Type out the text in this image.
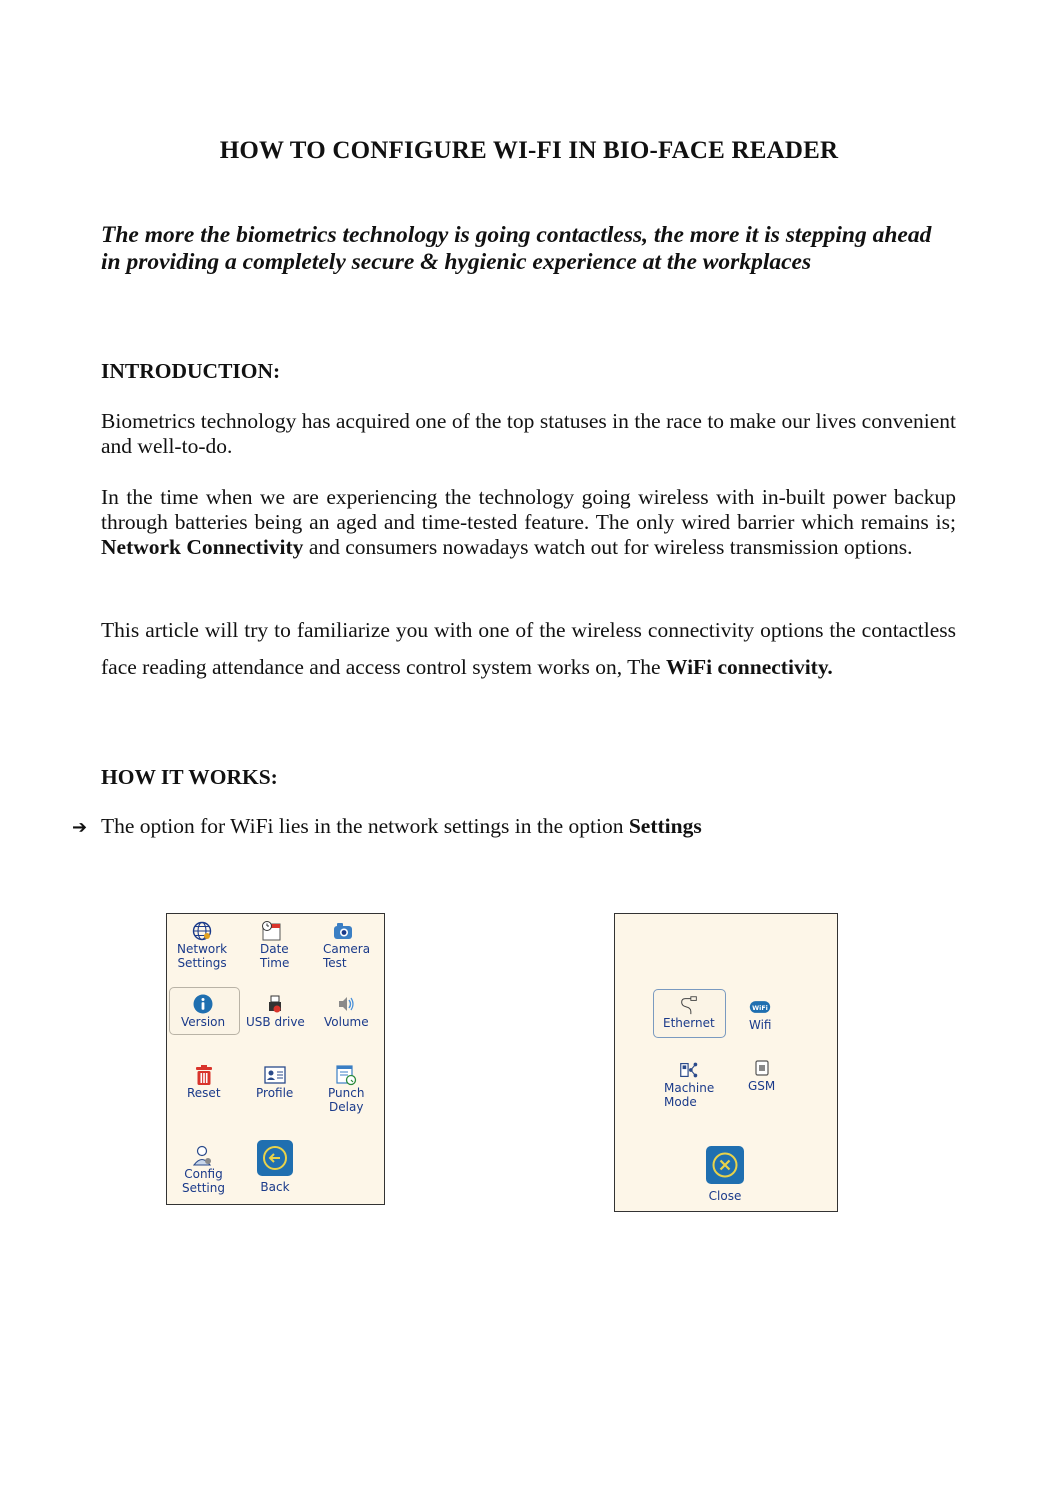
HOW TO CONFIGURE WI-FI IN BIO-FACE READER
The more the biometrics technology is going contactless, the more it is stepping ahead in providing a completely secure & hygienic experience at the workplaces
INTRODUCTION:
Biometrics technology has acquired one of the top statuses in the race to make our lives convenient and well-to-do.
In the time when we are experiencing the technology going wireless with in-built power backup through batteries being an aged and time-tested feature. The only wired barrier which remains is; Network Connectivity and consumers nowadays watch out for wireless transmission options.
This article will try to familiarize you with one of the wireless connectivity options the contactless face reading attendance and access control system works on, The WiFi connectivity.
HOW IT WORKS:
➔ The option for WiFi lies in the network settings in the option Settings
Network
Settings
Date
Time
Camera
Test
Version USB drive Volume
Reset	Profile	Punch
Delay
Config
Setting	Back
Ethernet
WiFi
Wifi
Machine
Mode
GSM
Close
